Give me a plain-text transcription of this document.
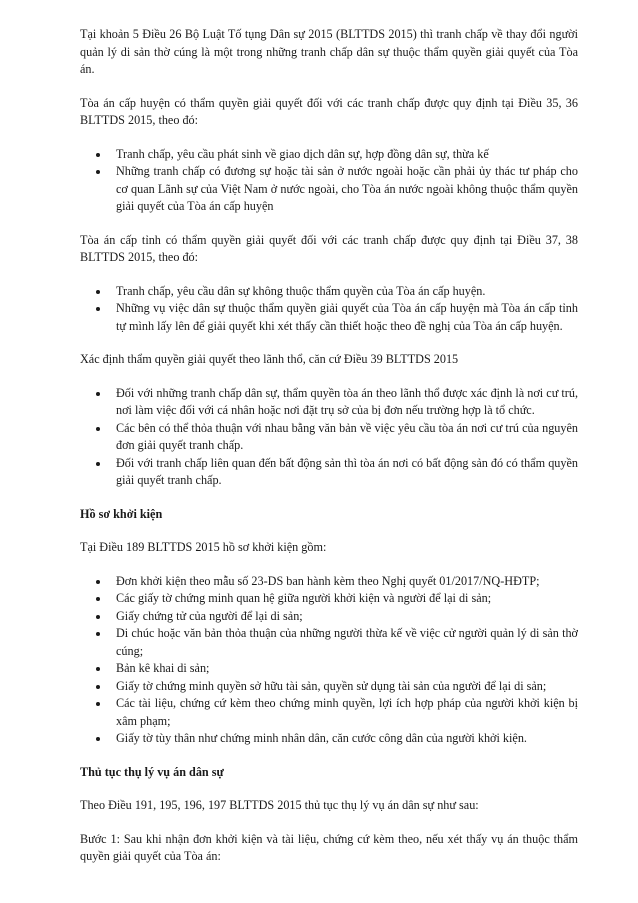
Tại khoản 5 Điều 26 Bộ Luật Tố tụng Dân sự 2015 (BLTTDS 2015) thì tranh chấp về thay đổi người quản lý di sản thờ cúng là một trong những tranh chấp dân sự thuộc thẩm quyền giải quyết của Tòa án.

Tòa án cấp huyện có thẩm quyền giải quyết đối với các tranh chấp được quy định tại Điều 35, 36 BLTTDS 2015, theo đó:

Tranh chấp, yêu cầu phát sinh về giao dịch dân sự, hợp đồng dân sự, thừa kế
Những tranh chấp có đương sự hoặc tài sản ở nước ngoài hoặc cần phải ủy thác tư pháp cho cơ quan Lãnh sự của Việt Nam ở nước ngoài, cho Tòa án nước ngoài không thuộc thẩm quyền giải quyết của Tòa án cấp huyện

Tòa án cấp tỉnh có thẩm quyền giải quyết đối với các tranh chấp được quy định tại Điều 37, 38 BLTTDS 2015, theo đó:

Tranh chấp, yêu cầu dân sự không thuộc thẩm quyền của Tòa án cấp huyện.
Những vụ việc dân sự thuộc thẩm quyền giải quyết của Tòa án cấp huyện mà Tòa án cấp tỉnh tự mình lấy lên để giải quyết khi xét thấy cần thiết hoặc theo đề nghị của Tòa án cấp huyện.

Xác định thẩm quyền giải quyết theo lãnh thổ, căn cứ Điều 39 BLTTDS 2015

Đối với những tranh chấp dân sự, thẩm quyền tòa án theo lãnh thổ được xác định là nơi cư trú, nơi làm việc đối với cá nhân hoặc nơi đặt trụ sở của bị đơn nếu trường hợp là tổ chức.
Các bên có thể thỏa thuận với nhau bằng văn bản về việc yêu cầu tòa án nơi cư trú của nguyên đơn giải quyết tranh chấp.
Đối với tranh chấp liên quan đến bất động sản thì tòa án nơi có bất động sản đó có thẩm quyền giải quyết tranh chấp.
Hồ sơ khởi kiện

Tại Điều 189 BLTTDS 2015 hồ sơ khởi kiện gồm:

Đơn khởi kiện theo mẫu số 23-DS ban hành kèm theo Nghị quyết 01/2017/NQ-HĐTP;
Các giấy tờ chứng minh quan hệ giữa người khởi kiện và người để lại di sản;
Giấy chứng tử của người để lại di sản;
Di chúc hoặc văn bản thỏa thuận của những người thừa kế về việc cử người quản lý di sản thờ cúng;
Bản kê khai di sản;
Giấy tờ chứng minh quyền sở hữu tài sản, quyền sử dụng tài sản của người để lại di sản;
Các tài liệu, chứng cứ kèm theo chứng minh quyền, lợi ích hợp pháp của người khởi kiện bị xâm phạm;
Giấy tờ tùy thân như chứng minh nhân dân, căn cước công dân của người khởi kiện.
Thủ tục thụ lý vụ án dân sự

Theo Điều 191, 195, 196, 197 BLTTDS 2015 thủ tục thụ lý vụ án dân sự như sau:

Bước 1: Sau khi nhận đơn khởi kiện và tài liệu, chứng cứ kèm theo, nếu xét thấy vụ án thuộc thẩm quyền giải quyết của Tòa án:
